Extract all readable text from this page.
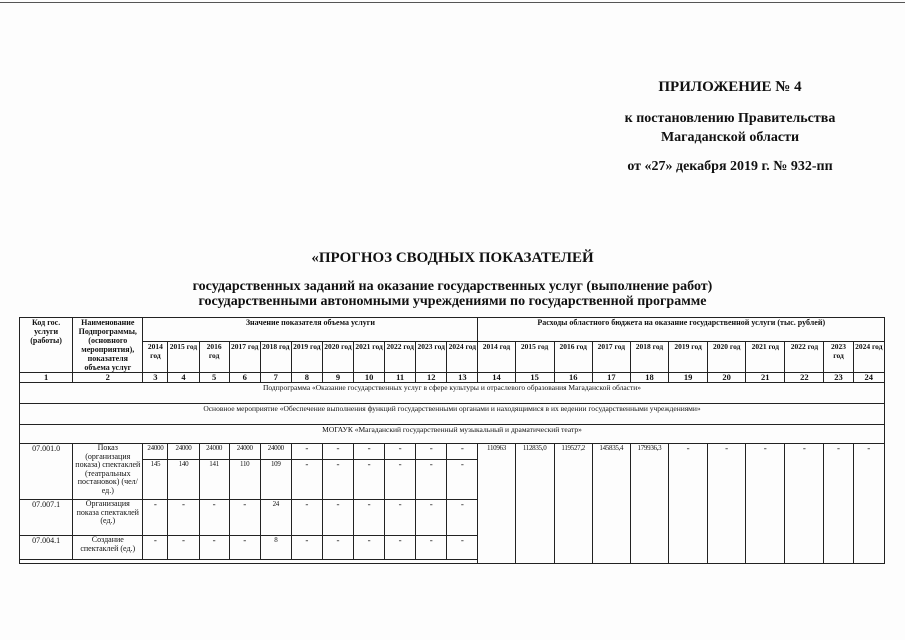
ПРИЛОЖЕНИЕ № 4
к постановлению Правительства
Магаданской области
от «27» декабря 2019 г. № 932-пп
«ПРОГНОЗ СВОДНЫХ ПОКАЗАТЕЛЕЙ
государственных заданий на оказание государственных услуг (выполнение работ)
государственными автономными учреждениями по государственной программе
Код гос. услуги (работы)	Наименование Подпрограммы, (основного мероприятия), показателя объема услуг	Значение показателя объема услуги											Расходы областного бюджета на оказание государственной услуги (тыс. рублей)										
		2014 год	2015 год	2016 год	2017 год	2018 год	2019 год	2020 год	2021 год	2022 год	2023 год	2024 год	2014 год	2015 год	2016 год	2017 год	2018 год	2019 год	2020 год	2021 год	2022 год	2023 год	2024 год
1	2	3	4	5	6	7	8	9	10	11	12	13	14	15	16	17	18	19	20	21	22	23	24
Подпрограмма «Оказание государственных услуг в сфере культуры и отраслевого образования Магаданской области»																							
Основное мероприятие «Обеспечение выполнения функций государственными органами и находящимися в их ведении государственными учреждениями»																							
МОГАУК «Магаданский государственный музыкальный и драматический театр»																							
07.001.0	Показ (организация показа) спектаклей (театральных постановок) (чел/ед.)	24000	24000	24000	24000	24000	-	-	-	-	-	-	110963	112835,0	119527,2	145835,4	179936,3	-	-	-	-	-	-
		145	140	141	110	109	-	-	-	-	-	-											
07.007.1	Организация показа спектаклей (ед.)	-	-	-	-	24	-	-	-	-	-	-											
07.004.1	Создание спектаклей (ед.)	-	-	-	-	8	-	-	-	-	-	-											
